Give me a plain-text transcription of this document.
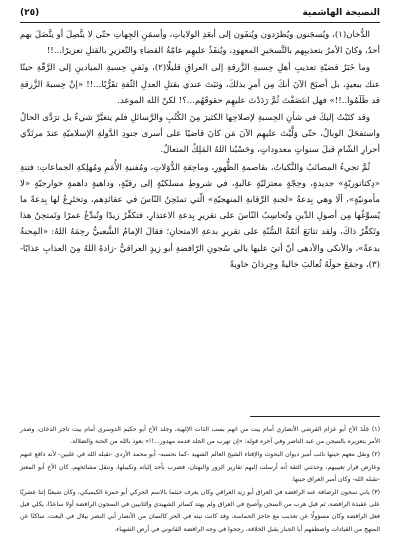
النصيحة الهاشمية
(٢٥)

الدُّخان(١)، ويُسجَنون ويُطرَدون ويُنفَون إلى أبعَدِ الولاياتِ، وأسمَنِ الجِهاتِ حتّى لا يتَّصِلَ أو يتَّصَلَ بهم أحدٌ، وكانَ الأمرُ بتعذيبِهم بالتَّسخيرِ المعهودِ، ويُنفَذُ عليهِم عامّةُ القضاءِ والتّعزيرِ بالقتلِ تعزيرًا...!!

وما خَبَرُ قضيّةِ تعذيبِ أهلِ حِسبةِ الزَّرقةِ إلى العراقِ قليلًا(٢)، ونَفيِ حِسبةِ الميادينِ إلى الرَّقّةِ حينًا عنك ببعيدٍ، بل أصبَحَ الآنَ أنكَ مِن أمرِ بذلكَ، وثبَتَ عندي بقتلِ العدلِ الثّقةِ تقَرُّبًا...!! «إنْ حِسبةَ الزَّرقةِ قد ظَلَمُوا..!!» فهل انتَصَفْتَ ثُمَّ رَدَدْتَ عليهِم حقوقَهُم...؟! لكنّ الله الموعد.

وقد كتَبْتُ إليكَ في شأنِ الحِسبةِ لإصلاحِها الكثيرَ مِنَ الكُتُبِ والرَّسائلِ فلم يتغيَّرْ شيءٌ بل ترَدَّى الحالُ واستفحَلَ الوبالُ، حتّى وَلَّيْتَ عليهِم الآنَ مَن كانَ قاضيًا على أسرى جنودِ الدَّولةِ الإسلاميّةِ عندَ مرتَدِّي أحرارِ الشّامِ قبلَ سنواتٍ معدوداتٍ، وحَسْبُنا اللهُ المَلِكُ المتعالُ.

ثُمَّ تجيءُ المصائبُ والنَّكباتُ، بقاصمةِ الظُّهورِ، وماحِقةِ الدُّوَلاتِ، ومُفنيةِ الأُمَمِ ومُهلِكةِ الجماعاتِ: فتنةِ «دِكتاتوريّةٍ» جديدةٍ، وحِجّةٍ معتزليّةٍ عاليةٍ، في شروطِ مسلكيّةٍ إلى رقيّةٍ، وداهيةٍ داهمةٍ خوارجيّةٍ «لا مأمونيّةٍ»، ألَا وهي بِدعةُ «لجنةِ الرِّقابةِ المنهجيّةِ» الّتي تمتَحِنُ النّاسَ في عقائدِهم، وتختَرِعُ لها بِدعةً ما يُسوِّغُها مِن أصولِ الدِّينِ وتُحاسِبُ النّاسَ على تقريرِ بِدعةِ الاعتذارِ، فتكفِّرُ زيدًا وتُبدِّعُ عمرًا وتَمتحِنُ هذا وتَكفِّرُ ذاكَ، ولقد تتابَعَ أئمّةُ السُّنّةِ على تقريرِ بدعةِ الامتحانِ؛ فقالَ الإمامُ الشَّعبيُّ رحِمَهُ اللهُ: «المِحنةُ بدعةٌ»، والأنكى والأدهى أنّ أتيَ عليها بالي سُجونِ الرّافضةِ أبو زيدٍ العراقيُّ -زادهُ اللهُ مِنَ العذابِ عذابًا-(٣)، وجمَعَ حولَهُ ثُعالبَ خاليةً وجِرذانَ خاويةً

(١) جَلَدَ الأخ أبو عزام القرشي الأنصاري أمام بيت من اتهم بسب الذات الإلهية، وجلد الأخ أبو حكيم الدوسري أمام بيت تاجر الدخان، وصدر الأمر بتعزيره بالسجن من عبد الناصر وفي آخره قوله: «إن تهرب من الجلد فدمه مهدور...!!» نعوذ بالله من الحنة والضلالة.

(٢) ونقل معهم حينها نائب أمير ديوان البحوث والإفتاء الشيخ العالم الشهيد -كما نحسبه- أبو محمد الأزدي -تقبله الله في عليين- لأنه دافع عنهم وعارض قرار تغييبهم، وحدثني الثقة أنه أرسلت إليهم تقارير الزور والبهتان، فضرب بأحد إلياته وتكبيلها، وتنقل مشائخهم، كان الأخ أبو المعتز -تقبله الله- وكان أمير العراق حينها.

(٣) ياني سجون الرصافة عنه الرافضة في العراق أبو زيد العراقي وكان يعرف حيثما بالاسم الحركي أبو حمزة الكيميكي، وكان شيعيًا إثنا عشريًا على عقيدة الرافضة، ثم قيل هرب من السجن وأصبح في العراق ولم يهتد كسائر الشهيدي والثانيين في السجون الرافضة أولا ساعدًا، يكلي قبل فعل الرافضة وكان مسؤولًا عن تعذيب مع حاجز الحماسة، وقد كانت نيته في الحر كالسان من الأنصار أبي النصر بيلال في البعث، ساكتًا عن المنهج من القيادات واصطفهم أبا الجبار يقبل الخلافة، رجحوا في وجه الرافضة القانوني في أرض الشهباء.
